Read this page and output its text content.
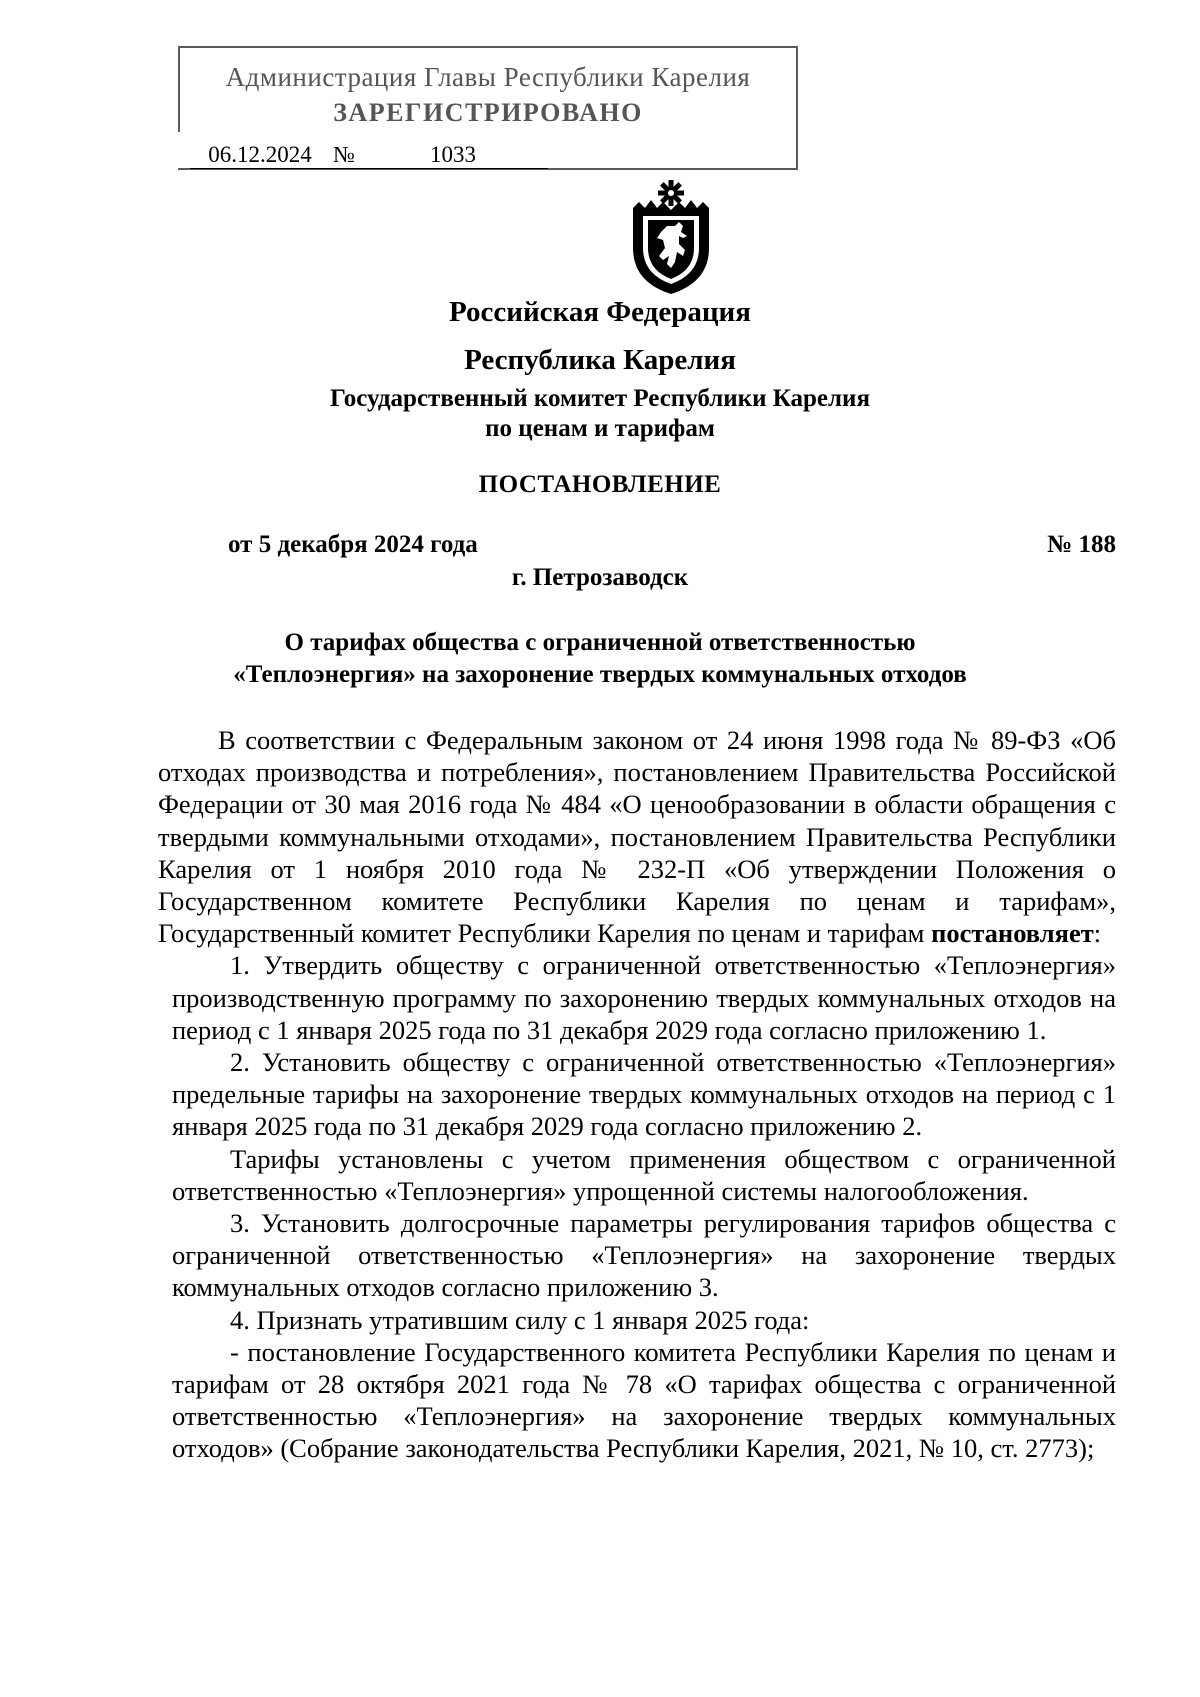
Администрация Главы Республики Карелия
ЗАРЕГИСТРИРОВАНО
06.12.2024 №	1033
Российская Федерация
Республика Карелия
Государственный комитет Республики Карелия
по ценам и тарифам
ПОСТАНОВЛЕНИЕ
от 5 декабря 2024 года	№ 188
г. Петрозаводск
О тарифах общества с ограниченной ответственностью
«Теплоэнергия» на захоронение твердых коммунальных отходов

В соответствии с Федеральным законом от 24 июня 1998 года № 89-ФЗ «Об отходах производства и потребления», постановлением Правительства Российской Федерации от 30 мая 2016 года № 484 «О ценообразовании в области обращения с твердыми коммунальными отходами», постановлением Правительства Республики Карелия от 1 ноября 2010 года № 232-П «Об утверждении Положения о Государственном комитете Республики Карелия по ценам и тарифам», Государственный комитет Республики Карелия по ценам и тарифам постановляет:

1. Утвердить обществу с ограниченной ответственностью «Теплоэнергия» производственную программу по захоронению твердых коммунальных отходов на период с 1 января 2025 года по 31 декабря 2029 года согласно приложению 1.

2. Установить обществу с ограниченной ответственностью «Теплоэнергия» предельные тарифы на захоронение твердых коммунальных отходов на период с 1 января 2025 года по 31 декабря 2029 года согласно приложению 2.

Тарифы установлены с учетом применения обществом с ограниченной ответственностью «Теплоэнергия» упрощенной системы налогообложения.

3. Установить долгосрочные параметры регулирования тарифов общества с ограниченной ответственностью «Теплоэнергия» на захоронение твердых коммунальных отходов согласно приложению 3.

4. Признать утратившим силу с 1 января 2025 года:

- постановление Государственного комитета Республики Карелия по ценам и тарифам от 28 октября 2021 года № 78 «О тарифах общества с ограниченной ответственностью «Теплоэнергия» на захоронение твердых коммунальных отходов» (Собрание законодательства Республики Карелия, 2021, № 10, ст. 2773);
